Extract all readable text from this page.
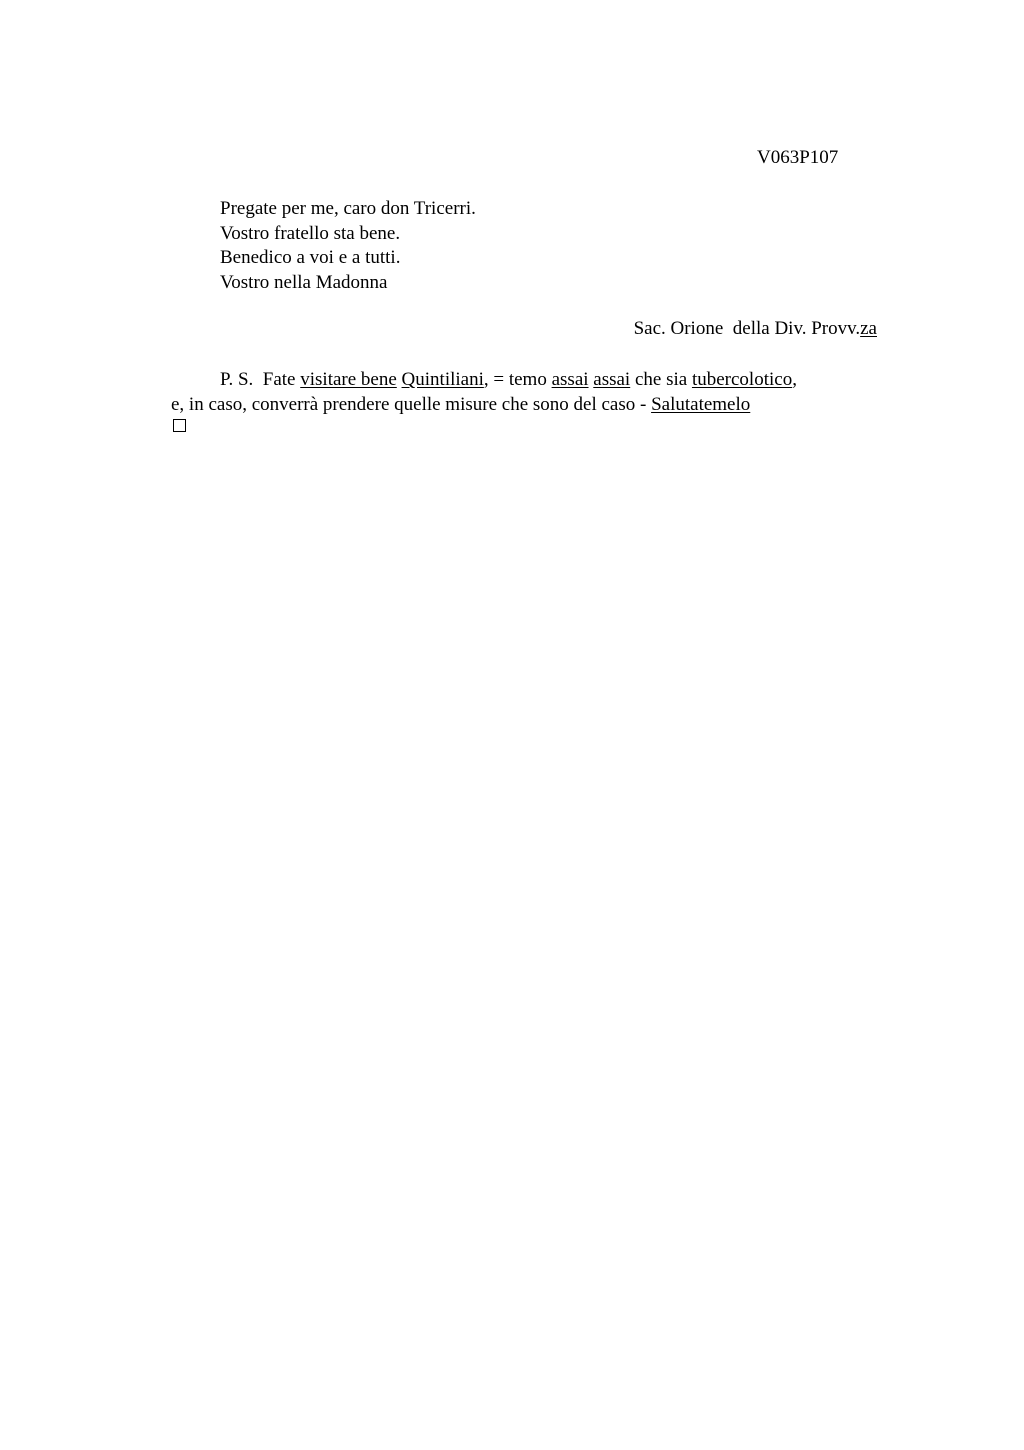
V063P107
Pregate per me, caro don Tricerri.
Vostro fratello sta bene.
Benedico a voi e a tutti.
Vostro nella Madonna
Sac. Orione  della Div. Provv.za
P. S.  Fate visitare bene Quintiliani, = temo assai assai che sia tubercolotico,
e, in caso, converrà prendere quelle misure che sono del caso - Salutatemelo
